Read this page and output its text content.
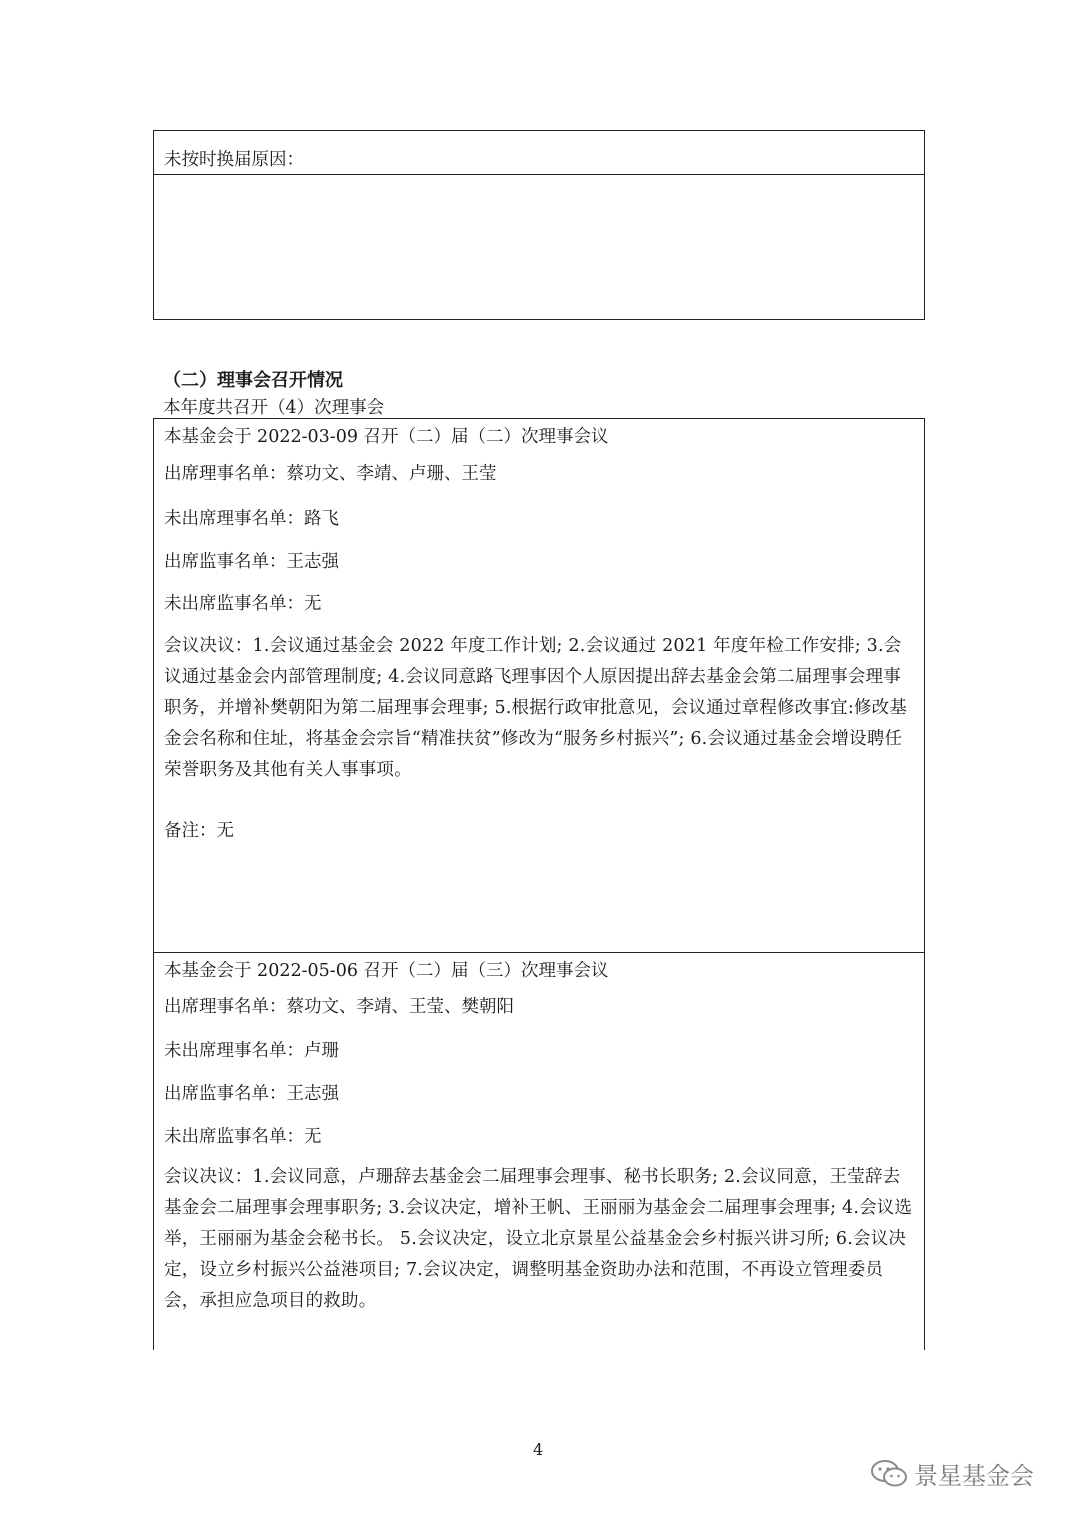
未按时换届原因：
（二）理事会召开情况
本年度共召开（4）次理事会
本基金会于 2022-03-09 召开（二）届（二）次理事会议
出席理事名单：蔡功文、李靖、卢珊、王莹
未出席理事名单：路飞
出席监事名单：王志强
未出席监事名单：无
会议决议：1.会议通过基金会 2022 年度工作计划; 2.会议通过 2021 年度年检工作安排; 3.会议通过基金会内部管理制度; 4.会议同意路飞理事因个人原因提出辞去基金会第二届理事会理事职务，并增补樊朝阳为第二届理事会理事; 5.根据行政审批意见，会议通过章程修改事宜:修改基金会名称和住址，将基金会宗旨“精准扶贫”修改为“服务乡村振兴”; 6.会议通过基金会增设聘任荣誉职务及其他有关人事事项。
备注：无
本基金会于 2022-05-06 召开（二）届（三）次理事会议
出席理事名单：蔡功文、李靖、王莹、樊朝阳
未出席理事名单：卢珊
出席监事名单：王志强
未出席监事名单：无
会议决议：1.会议同意，卢珊辞去基金会二届理事会理事、秘书长职务; 2.会议同意，王莹辞去基金会二届理事会理事职务; 3.会议决定，增补王帆、王丽丽为基金会二届理事会理事; 4.会议选举，王丽丽为基金会秘书长。 5.会议决定，设立北京景星公益基金会乡村振兴讲习所; 6.会议决定，设立乡村振兴公益港项目; 7.会议决定，调整明基金资助办法和范围，不再设立管理委员会，承担应急项目的救助。
4
景星基金会
